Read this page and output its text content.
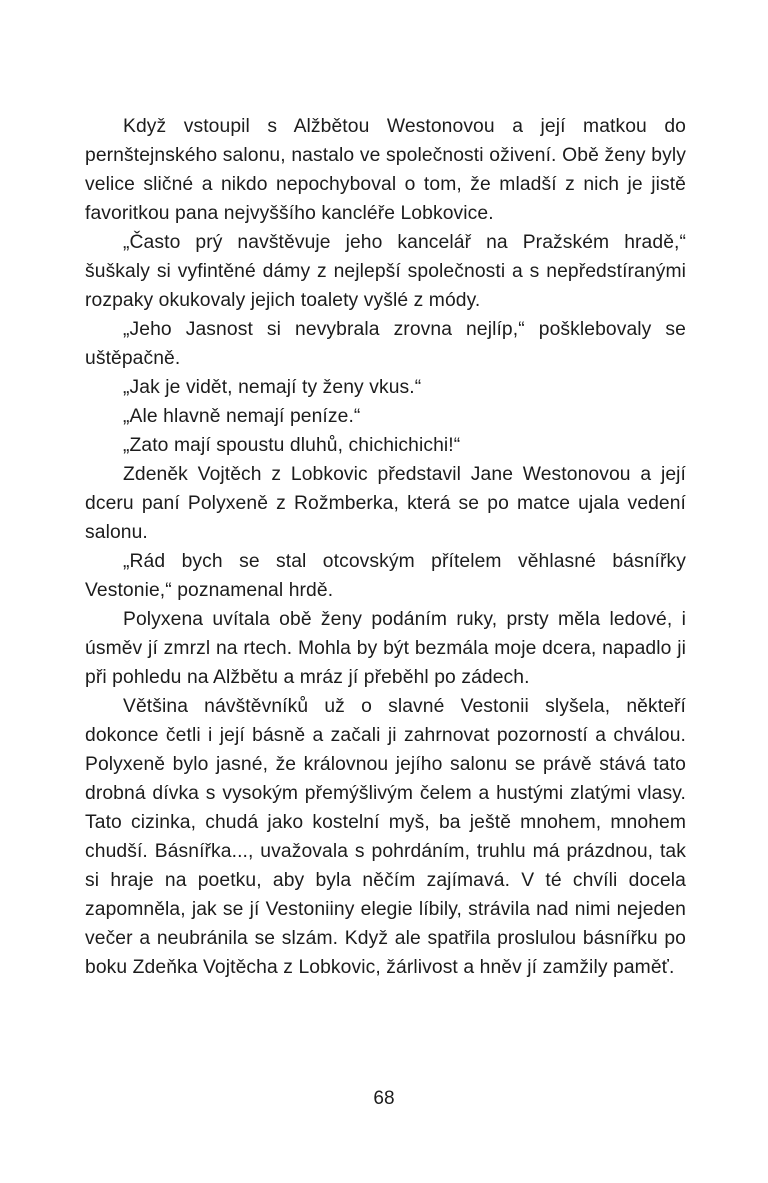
Když vstoupil s Alžbětou Westonovou a její matkou do pernštejnského salonu, nastalo ve společnosti oživení. Obě ženy byly velice sličné a nikdo nepochyboval o tom, že mladší z nich je jistě favoritkou pana nejvyššího kancléře Lobkovice.

„Často prý navštěvuje jeho kancelář na Pražském hradě,“ šuškaly si vyfintěné dámy z nejlepší společnosti a s nepředstíranými rozpaky okukovaly jejich toalety vyšlé z módy.

„Jeho Jasnost si nevybrala zrovna nejlíp,“ pošklebovaly se uštěpačně.

„Jak je vidět, nemají ty ženy vkus.“

„Ale hlavně nemají peníze.“

„Zato mají spoustu dluhů, chichichichi!“

Zdeněk Vojtěch z Lobkovic představil Jane Westonovou a její dceru paní Polyxeně z Rožmberka, která se po matce ujala vedení salonu.

„Rád bych se stal otcovským přítelem věhlasné básnířky Vestonie,“ poznamenal hrdě.

Polyxena uvítala obě ženy podáním ruky, prsty měla ledové, i úsměv jí zmrzl na rtech. Mohla by být bezmála moje dcera, napadlo ji při pohledu na Alžbětu a mráz jí přeběhl po zádech.

Většina návštěvníků už o slavné Vestonii slyšela, někteří dokonce četli i její básně a začali ji zahrnovat pozorností a chválou. Polyxeně bylo jasné, že královnou jejího salonu se právě stává tato drobná dívka s vysokým přemýšlivým čelem a hustými zlatými vlasy. Tato cizinka, chudá jako kostelní myš, ba ještě mnohem, mnohem chudší. Básnířka..., uvažovala s pohrdáním, truhlu má prázdnou, tak si hraje na poetku, aby byla něčím zajímavá. V té chvíli docela zapomněla, jak se jí Vestoniiny elegie líbily, strávila nad nimi nejeden večer a neubránila se slzám. Když ale spatřila proslulou básnířku po boku Zdeňka Vojtěcha z Lobkovic, žárlivost a hněv jí zamžily paměť.

68
